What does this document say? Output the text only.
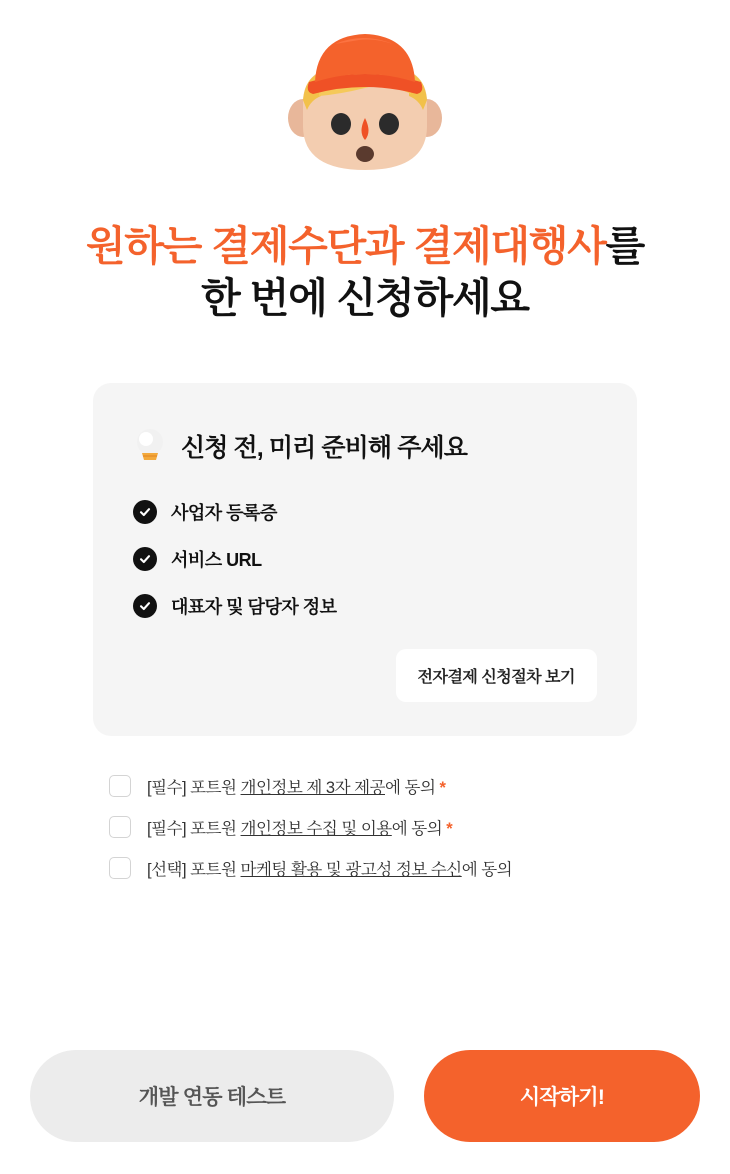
원하는 결제수단과 결제대행사를
한 번에 신청하세요
신청 전, 미리 준비해 주세요
사업자 등록증
서비스 URL
대표자 및 담당자 정보
전자결제 신청절차 보기
[필수] 포트원 개인정보 제 3자 제공에 동의 *
[필수] 포트원 개인정보 수집 및 이용에 동의 *
[선택] 포트원 마케팅 활용 및 광고성 정보 수신에 동의
개발 연동 테스트	시작하기!
